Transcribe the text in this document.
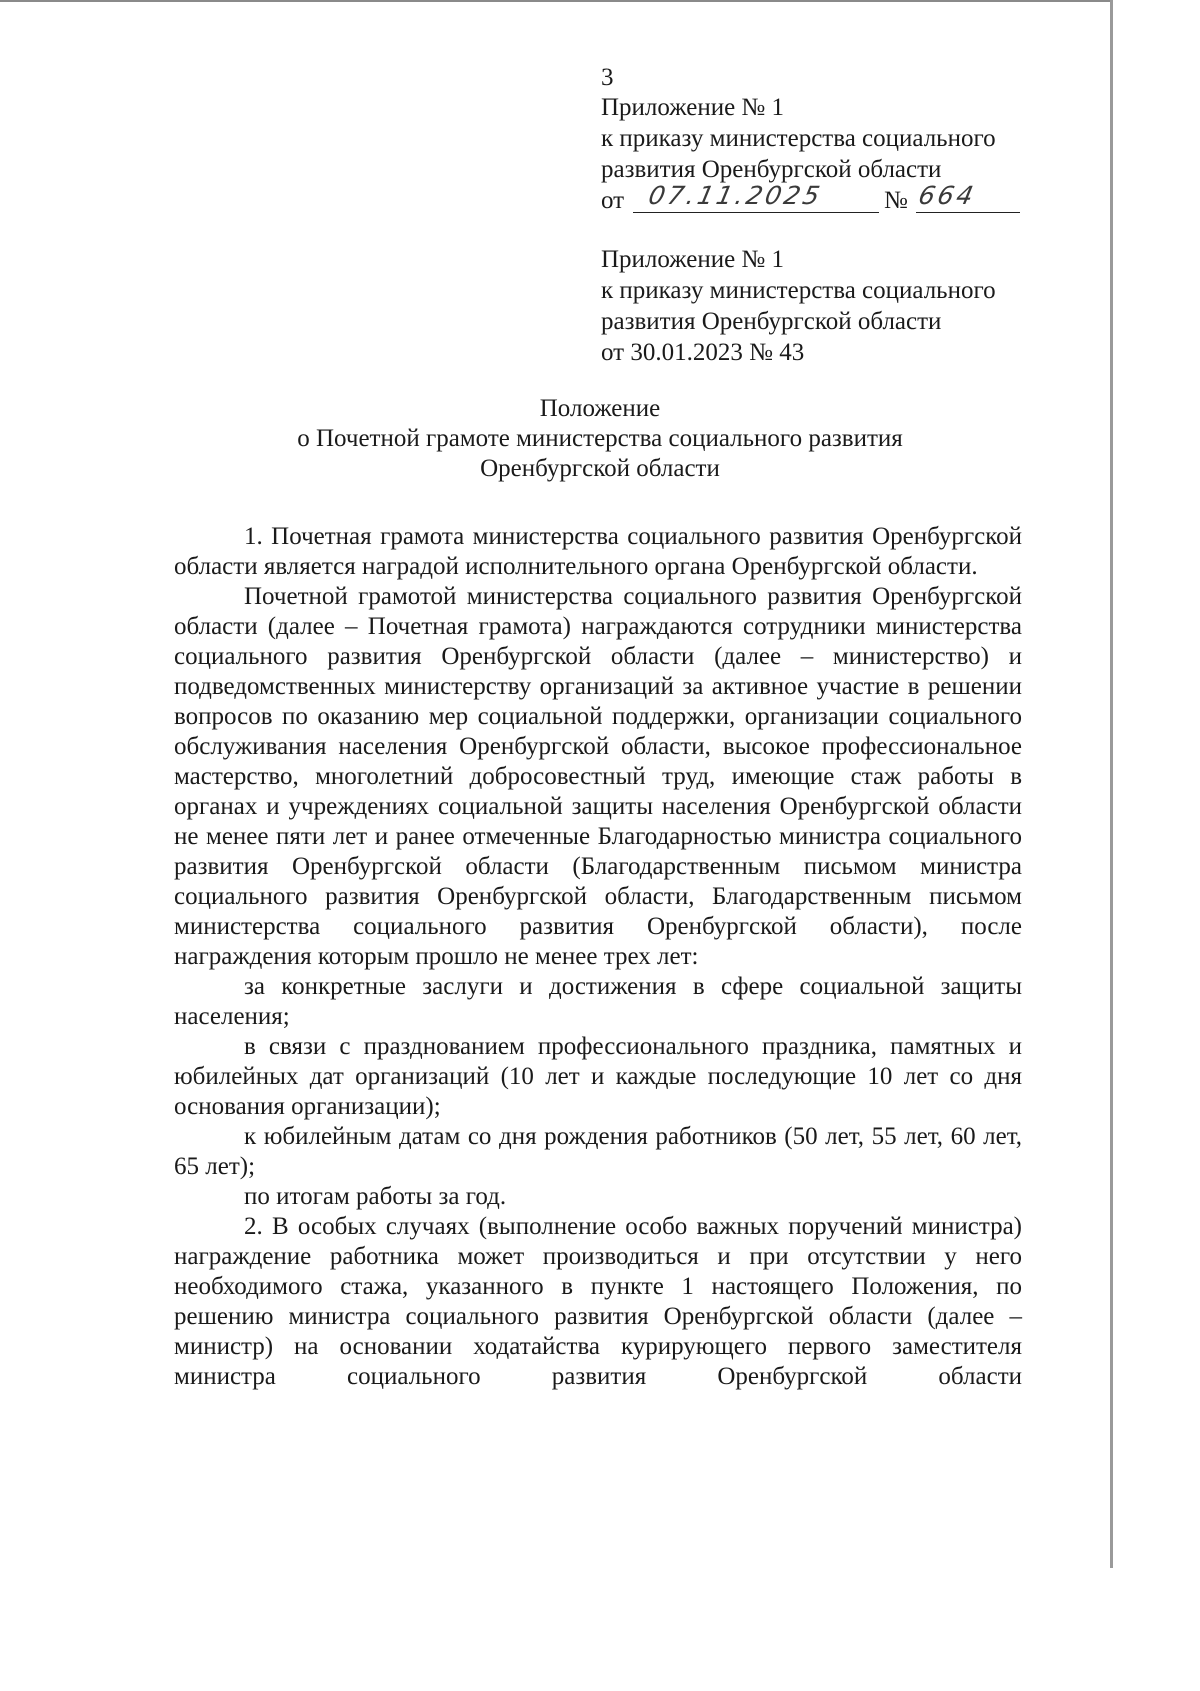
3
Приложение № 1
к приказу министерства социального
развития Оренбургской области
от 07.11.2025 № 664
Приложение № 1
к приказу министерства социального
развития Оренбургской области
от 30.01.2023 № 43
Положение
о Почетной грамоте министерства социального развития
Оренбургской области

1. Почетная грамота министерства социального развития Оренбургской области является наградой исполнительного органа Оренбургской области.

Почетной грамотой министерства социального развития Оренбургской области (далее – Почетная грамота) награждаются сотрудники министерства социального развития Оренбургской области (далее – министерство) и подведомственных министерству организаций за активное участие в решении вопросов по оказанию мер социальной поддержки, организации социального обслуживания населения Оренбургской области, высокое профессиональное мастерство, многолетний добросовестный труд, имеющие стаж работы в органах и учреждениях социальной защиты населения Оренбургской области не менее пяти лет и ранее отмеченные Благодарностью министра социального развития Оренбургской области (Благодарственным письмом министра социального развития Оренбургской области, Благодарственным письмом министерства социального развития Оренбургской области), после награждения которым прошло не менее трех лет:

за конкретные заслуги и достижения в сфере социальной защиты населения;

в связи с празднованием профессионального праздника, памятных и юбилейных дат организаций (10 лет и каждые последующие 10 лет со дня основания организации);

к юбилейным датам со дня рождения работников (50 лет, 55 лет, 60 лет, 65 лет);

по итогам работы за год.

2. В особых случаях (выполнение особо важных поручений министра) награждение работника может производиться и при отсутствии у него необходимого стажа, указанного в пункте 1 настоящего Положения, по решению министра социального развития Оренбургской области (далее – министр) на основании ходатайства курирующего первого заместителя министра социального развития Оренбургской области
